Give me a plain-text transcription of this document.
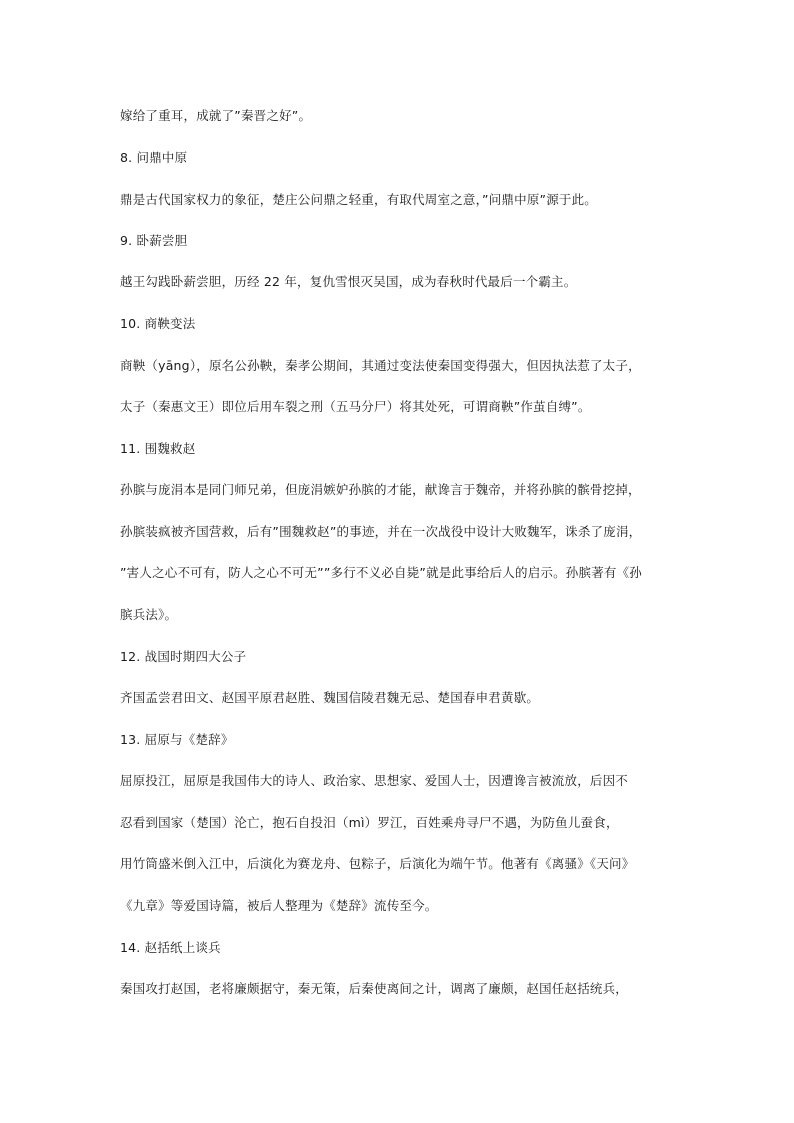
嫁给了重耳，成就了”秦晋之好”。
8. 问鼎中原
鼎是古代国家权力的象征，楚庄公问鼎之轻重，有取代周室之意，”问鼎中原”源于此。
9. 卧薪尝胆
越王勾践卧薪尝胆，历经 22 年，复仇雪恨灭吴国，成为春秋时代最后一个霸主。
10. 商鞅变法
商鞅（yāng），原名公孙鞅，秦孝公期间，其通过变法使秦国变得强大，但因执法惹了太子，
太子（秦惠文王）即位后用车裂之刑（五马分尸）将其处死，可谓商鞅”作茧自缚”。
11. 围魏救赵
孙膑与庞涓本是同门师兄弟，但庞涓嫉妒孙膑的才能，献谗言于魏帝，并将孙膑的髌骨挖掉，
孙膑装疯被齐国营救，后有”围魏救赵”的事迹，并在一次战役中设计大败魏军，诛杀了庞涓，
”害人之心不可有，防人之心不可无””多行不义必自毙”就是此事给后人的启示。孙膑著有《孙
膑兵法》。
12. 战国时期四大公子
齐国孟尝君田文、赵国平原君赵胜、魏国信陵君魏无忌、楚国春申君黄歇。
13. 屈原与《楚辞》
屈原投江，屈原是我国伟大的诗人、政治家、思想家、爱国人士，因遭谗言被流放，后因不
忍看到国家（楚国）沦亡，抱石自投汨（mì）罗江，百姓乘舟寻尸不遇，为防鱼儿蚕食，
用竹筒盛米倒入江中，后演化为赛龙舟、包粽子，后演化为端午节。他著有《离骚》《天问》
《九章》等爱国诗篇，被后人整理为《楚辞》流传至今。
14. 赵括纸上谈兵
秦国攻打赵国，老将廉颇据守，秦无策，后秦使离间之计，调离了廉颇，赵国任赵括统兵，
